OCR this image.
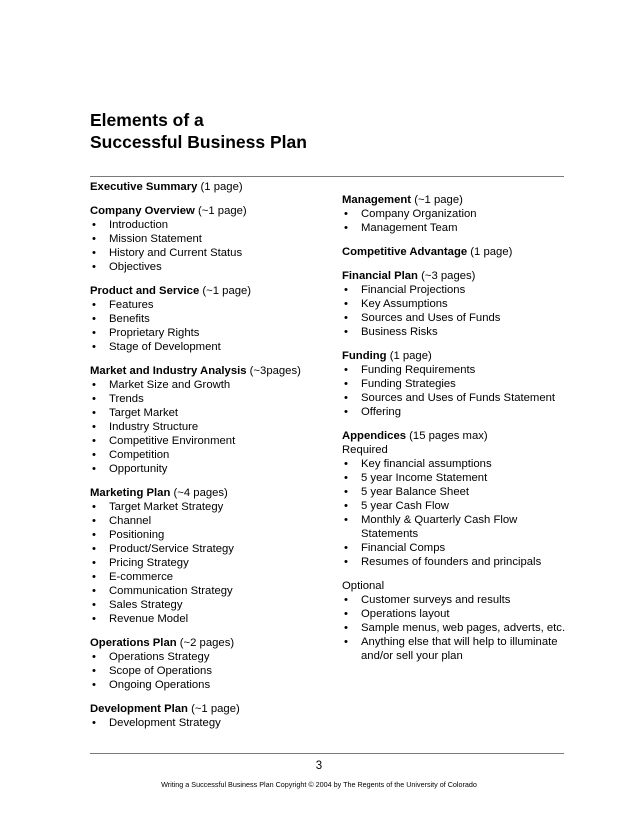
Elements of a
Successful Business Plan
Executive Summary (1 page)
Company Overview (~1 page)
• Introduction
• Mission Statement
• History and Current Status
• Objectives
Product and Service (~1 page)
• Features
• Benefits
• Proprietary Rights
• Stage of Development
Market and Industry Analysis (~3pages)
• Market Size and Growth
• Trends
• Target Market
• Industry Structure
• Competitive Environment
• Competition
• Opportunity
Marketing Plan (~4 pages)
• Target Market Strategy
• Channel
• Positioning
• Product/Service Strategy
• Pricing Strategy
• E-commerce
• Communication Strategy
• Sales Strategy
• Revenue Model
Operations Plan (~2 pages)
• Operations Strategy
• Scope of Operations
• Ongoing Operations
Development Plan (~1 page)
• Development Strategy
Management (~1 page)
• Company Organization
• Management Team
Competitive Advantage (1 page)
Financial Plan (~3 pages)
• Financial Projections
• Key Assumptions
• Sources and Uses of Funds
• Business Risks
Funding (1 page)
• Funding Requirements
• Funding Strategies
• Sources and Uses of Funds Statement
• Offering
Appendices (15 pages max)
Required
• Key financial assumptions
• 5 year Income Statement
• 5 year Balance Sheet
• 5 year Cash Flow
• Monthly & Quarterly Cash Flow Statements
• Financial Comps
• Resumes of founders and principals
Optional
• Customer surveys and results
• Operations layout
• Sample menus, web pages, adverts, etc.
• Anything else that will help to illuminate and/or sell your plan
3
Writing a Successful Business Plan Copyright © 2004 by The Regents of the University of Colorado
